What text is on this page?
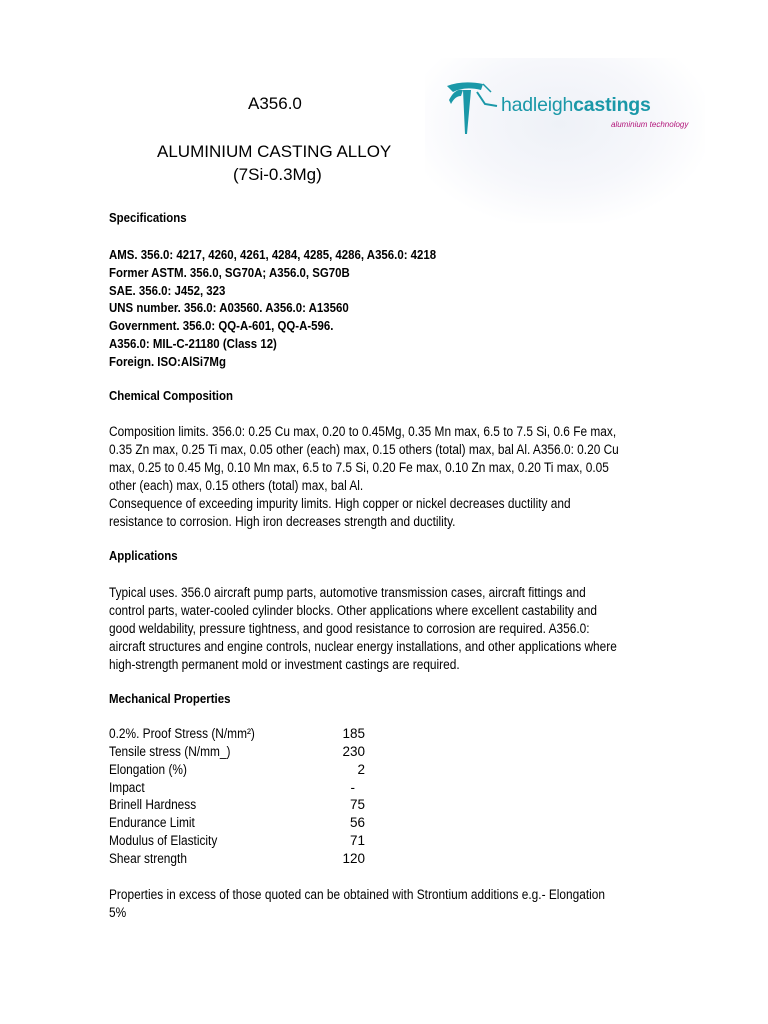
A356.0
ALUMINIUM CASTING ALLOY
(7Si-0.3Mg)
hadleighcastings
aluminium technology
Specifications
AMS. 356.0: 4217, 4260, 4261, 4284, 4285, 4286, A356.0: 4218
Former ASTM. 356.0, SG70A; A356.0, SG70B
SAE. 356.0: J452, 323
UNS number. 356.0: A03560. A356.0: A13560
Government. 356.0: QQ-A-601, QQ-A-596.
A356.0: MIL-C-21180 (Class 12)
Foreign. ISO:AlSi7Mg
Chemical Composition
Composition limits. 356.0: 0.25 Cu max, 0.20 to 0.45Mg, 0.35 Mn max, 6.5 to 7.5 Si, 0.6 Fe max,
0.35 Zn max, 0.25 Ti max, 0.05 other (each) max, 0.15 others (total) max, bal Al. A356.0: 0.20 Cu
max, 0.25 to 0.45 Mg, 0.10 Mn max, 6.5 to 7.5 Si, 0.20 Fe max, 0.10 Zn max, 0.20 Ti max, 0.05
other (each) max, 0.15 others (total) max, bal Al.
Consequence of exceeding impurity limits. High copper or nickel decreases ductility and
resistance to corrosion. High iron decreases strength and ductility.
Applications
Typical uses. 356.0 aircraft pump parts, automotive transmission cases, aircraft fittings and
control parts, water-cooled cylinder blocks. Other applications where excellent castability and
good weldability, pressure tightness, and good resistance to corrosion are required. A356.0:
aircraft structures and engine controls, nuclear energy installations, and other applications where
high-strength permanent mold or investment castings are required.
Mechanical Properties
0.2%. Proof Stress (N/mm²)	185
Tensile stress (N/mm_)	230
Elongation (%)	2
Impact	-
Brinell Hardness	75
Endurance Limit	56
Modulus of Elasticity	71
Shear strength	120
Properties in excess of those quoted can be obtained with Strontium additions e.g.- Elongation
5%
